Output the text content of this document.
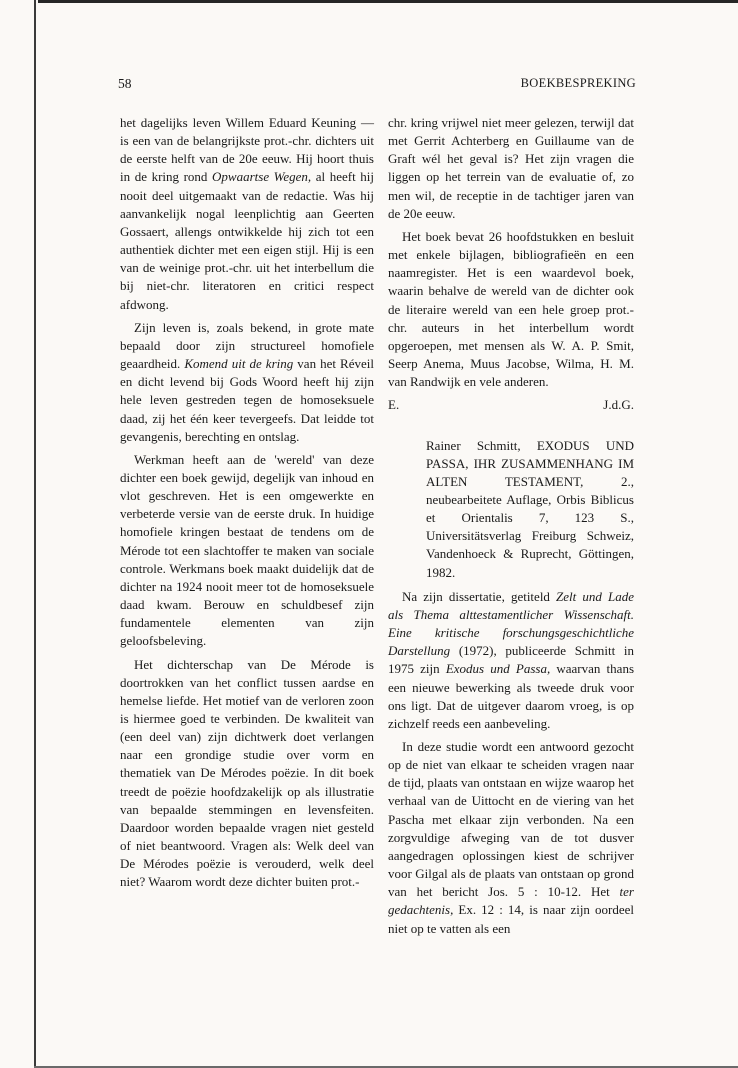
58	BOEKBESPREKING

het dagelijks leven Willem Eduard Keuning — is een van de belangrijkste prot.-chr. dichters uit de eerste helft van de 20e eeuw. Hij hoort thuis in de kring rond Opwaartse Wegen, al heeft hij nooit deel uitgemaakt van de redactie. Was hij aanvankelijk nogal leenplichtig aan Geerten Gossaert, allengs ontwikkelde hij zich tot een authentiek dichter met een eigen stijl. Hij is een van de weinige prot.-chr. uit het interbellum die bij niet-chr. literatoren en critici respect afdwong.

Zijn leven is, zoals bekend, in grote mate bepaald door zijn structureel homofiele geaardheid. Komend uit de kring van het Réveil en dicht levend bij Gods Woord heeft hij zijn hele leven gestreden tegen de homoseksuele daad, zij het één keer tevergeefs. Dat leidde tot gevangenis, berechting en ontslag.

Werkman heeft aan de 'wereld' van deze dichter een boek gewijd, degelijk van inhoud en vlot geschreven. Het is een omgewerkte en verbeterde versie van de eerste druk. In huidige homofiele kringen bestaat de tendens om de Mérode tot een slachtoffer te maken van sociale controle. Werkmans boek maakt duidelijk dat de dichter na 1924 nooit meer tot de homoseksuele daad kwam. Berouw en schuldbesef zijn fundamentele elementen van zijn geloofsbeleving.

Het dichterschap van De Mérode is doortrokken van het conflict tussen aardse en hemelse liefde. Het motief van de verloren zoon is hiermee goed te verbinden. De kwaliteit van (een deel van) zijn dichtwerk doet verlangen naar een grondige studie over vorm en thematiek van De Mérodes poëzie. In dit boek treedt de poëzie hoofdzakelijk op als illustratie van bepaalde stemmingen en levensfeiten. Daardoor worden bepaalde vragen niet gesteld of niet beantwoord. Vragen als: Welk deel van De Mérodes poëzie is verouderd, welk deel niet? Waarom wordt deze dichter buiten prot.-

chr. kring vrijwel niet meer gelezen, terwijl dat met Gerrit Achterberg en Guillaume van de Graft wél het geval is? Het zijn vragen die liggen op het terrein van de evaluatie of, zo men wil, de receptie in de tachtiger jaren van de 20e eeuw.

Het boek bevat 26 hoofdstukken en besluit met enkele bijlagen, bibliografieën en een naamregister. Het is een waardevol boek, waarin behalve de wereld van de dichter ook de literaire wereld van een hele groep prot.-chr. auteurs in het interbellum wordt opgeroepen, met mensen als W. A. P. Smit, Seerp Anema, Muus Jacobse, Wilma, H. M. van Randwijk en vele anderen.

E.	J.d.G.

Rainer Schmitt, EXODUS UND PASSA, IHR ZUSAMMENHANG IM ALTEN TESTAMENT, 2., neubearbeitete Auflage, Orbis Biblicus et Orientalis 7, 123 S., Universitätsverlag Freiburg Schweiz, Vandenhoeck & Ruprecht, Göttingen, 1982.

Na zijn dissertatie, getiteld Zelt und Lade als Thema alttestamentlicher Wissenschaft. Eine kritische forschungsgeschichtliche Darstellung (1972), publiceerde Schmitt in 1975 zijn Exodus und Passa, waarvan thans een nieuwe bewerking als tweede druk voor ons ligt. Dat de uitgever daarom vroeg, is op zichzelf reeds een aanbeveling.

In deze studie wordt een antwoord gezocht op de niet van elkaar te scheiden vragen naar de tijd, plaats van ontstaan en wijze waarop het verhaal van de Uittocht en de viering van het Pascha met elkaar zijn verbonden. Na een zorgvuldige afweging van de tot dusver aangedragen oplossingen kiest de schrijver voor Gilgal als de plaats van ontstaan op grond van het bericht Jos. 5 : 10-12. Het ter gedachtenis, Ex. 12 : 14, is naar zijn oordeel niet op te vatten als een
